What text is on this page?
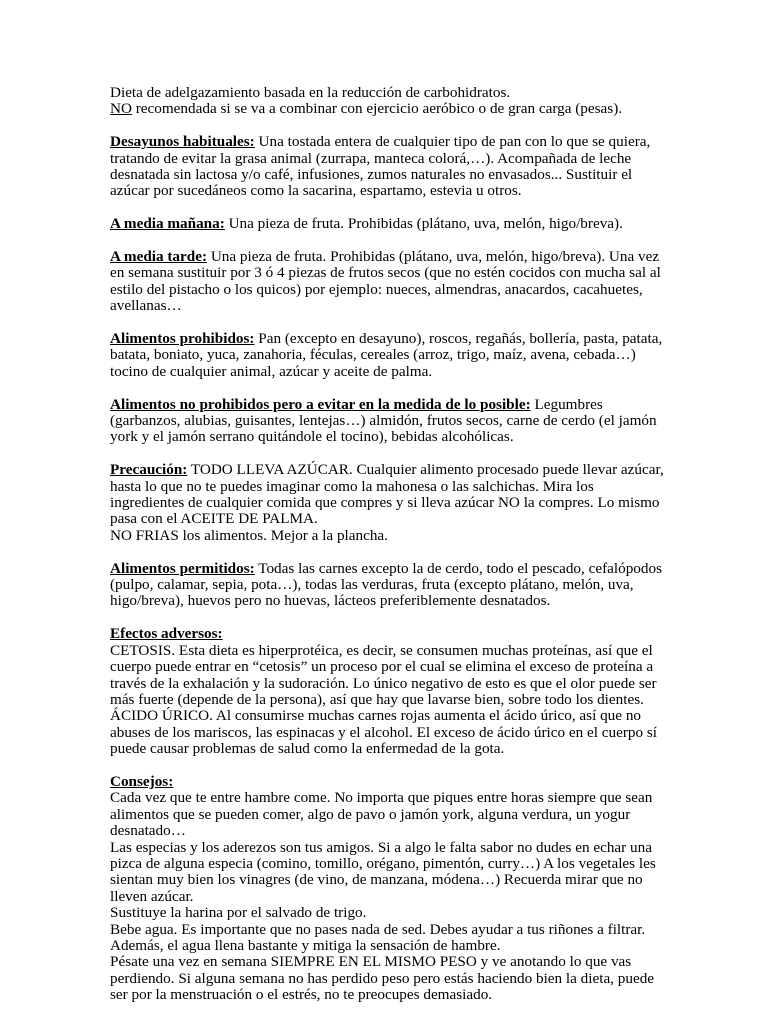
Dieta de adelgazamiento basada en la reducción de carbohidratos.
NO recomendada si se va a combinar con ejercicio aeróbico o de gran carga (pesas).
Desayunos habituales: Una tostada entera de cualquier tipo de pan con lo que se quiera, tratando de evitar la grasa animal (zurrapa, manteca colorá,…). Acompañada de leche desnatada sin lactosa y/o café, infusiones, zumos naturales no envasados... Sustituir el azúcar por sucedáneos como la sacarina, espartamo, estevia u otros.
A media mañana: Una pieza de fruta. Prohibidas (plátano, uva, melón, higo/breva).
A media tarde: Una pieza de fruta. Prohibidas (plátano, uva, melón, higo/breva). Una vez en semana sustituir por 3 ó 4 piezas de frutos secos (que no estén cocidos con mucha sal al estilo del pistacho o los quicos) por ejemplo: nueces, almendras, anacardos, cacahuetes, avellanas…
Alimentos prohibidos: Pan (excepto en desayuno), roscos, regañás, bollería, pasta, patata, batata, boniato, yuca, zanahoria, féculas, cereales (arroz, trigo, maíz, avena, cebada…) tocino de cualquier animal, azúcar y aceite de palma.
Alimentos no prohibidos pero a evitar en la medida de lo posible: Legumbres (garbanzos, alubias, guisantes, lentejas…) almidón, frutos secos, carne de cerdo (el jamón york y el jamón serrano quitándole el tocino), bebidas alcohólicas.
Precaución: TODO LLEVA AZÚCAR. Cualquier alimento procesado puede llevar azúcar, hasta lo que no te puedes imaginar como la mahonesa o las salchichas. Mira los ingredientes de cualquier comida que compres y si lleva azúcar NO la compres. Lo mismo pasa con el ACEITE DE PALMA.
NO FRIAS los alimentos. Mejor a la plancha.
Alimentos permitidos: Todas las carnes excepto la de cerdo, todo el pescado, cefalópodos (pulpo, calamar, sepia, pota…), todas las verduras, fruta (excepto plátano, melón, uva, higo/breva), huevos pero no huevas, lácteos preferiblemente desnatados.
Efectos adversos:
CETOSIS. Esta dieta es hiperprotéica, es decir, se consumen muchas proteínas, así que el cuerpo puede entrar en “cetosis” un proceso por el cual se elimina el exceso de proteína a través de la exhalación y la sudoración. Lo único negativo de esto es que el olor puede ser más fuerte (depende de la persona), así que hay que lavarse bien, sobre todo los dientes.
ÁCIDO ÚRICO. Al consumirse muchas carnes rojas aumenta el ácido úrico, así que no abuses de los mariscos, las espinacas y el alcohol. El exceso de ácido úrico en el cuerpo sí puede causar problemas de salud como la enfermedad de la gota.
Consejos:
Cada vez que te entre hambre come. No importa que piques entre horas siempre que sean alimentos que se pueden comer, algo de pavo o jamón york, alguna verdura, un yogur desnatado…
Las especias y los aderezos son tus amigos. Si a algo le falta sabor no dudes en echar una pizca de alguna especia (comino, tomillo, orégano, pimentón, curry…) A los vegetales les sientan muy bien los vinagres (de vino, de manzana, módena…) Recuerda mirar que no lleven azúcar.
Sustituye la harina por el salvado de trigo.
Bebe agua. Es importante que no pases nada de sed. Debes ayudar a tus riñones a filtrar. Además, el agua llena bastante y mitiga la sensación de hambre.
Pésate una vez en semana SIEMPRE EN EL MISMO PESO y ve anotando lo que vas perdiendo. Si alguna semana no has perdido peso pero estás haciendo bien la dieta, puede ser por la menstruación o el estrés, no te preocupes demasiado.
